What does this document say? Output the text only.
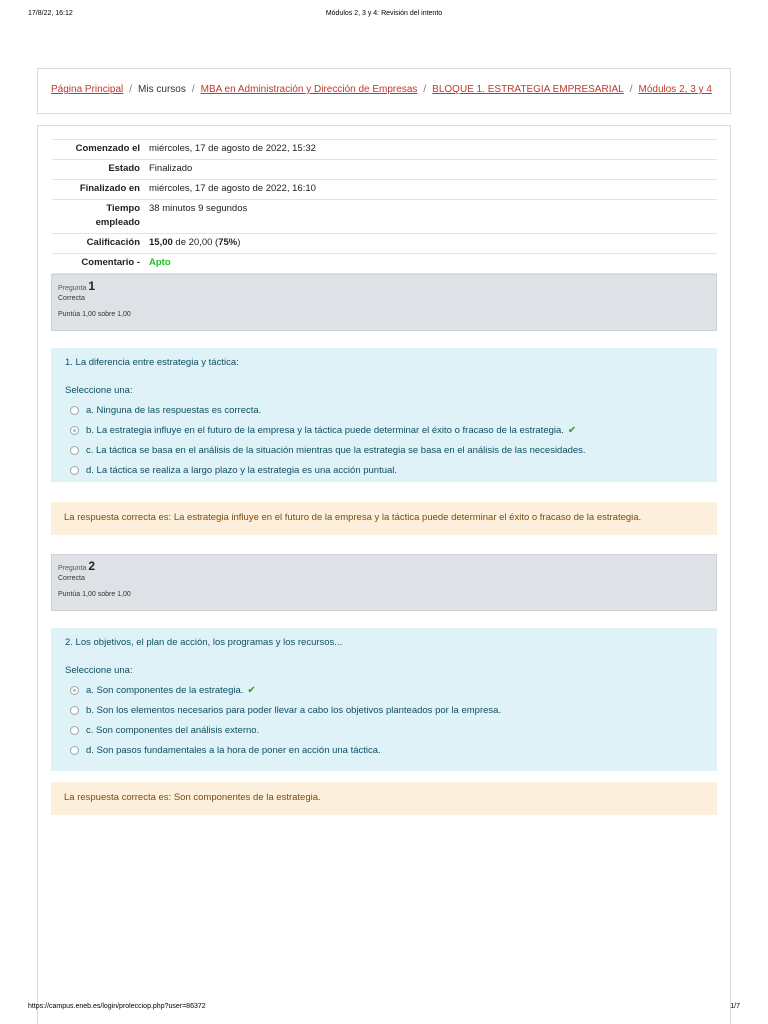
17/8/22, 16:12	Módulos 2, 3 y 4: Revisión del intento
Página Principal / Mis cursos / MBA en Administración y Dirección de Empresas / BLOQUE 1. ESTRATEGIA EMPRESARIAL / Módulos 2, 3 y 4
Comenzado el	miércoles, 17 de agosto de 2022, 15:32
Estado	Finalizado
Finalizado en	miércoles, 17 de agosto de 2022, 16:10
Tiempo empleado	38 minutos 9 segundos
Calificación	15,00 de 20,00 (75%)
Comentario -	Apto
Pregunta 1
Correcta
Puntúa 1,00 sobre 1,00
1. La diferencia entre estrategia y táctica:
Seleccione una:
a. Ninguna de las respuestas es correcta.
b. La estrategia influye en el futuro de la empresa y la táctica puede determinar el éxito o fracaso de la estrategia. ✔
c. La táctica se basa en el análisis de la situación mientras que la estrategia se basa en el análisis de las necesidades.
d. La táctica se realiza a largo plazo y la estrategia es una acción puntual.
La respuesta correcta es: La estrategia influye en el futuro de la empresa y la táctica puede determinar el éxito o fracaso de la estrategia.
Pregunta 2
Correcta
Puntúa 1,00 sobre 1,00
2. Los objetivos, el plan de acción, los programas y los recursos...
Seleccione una:
a. Son componentes de la estrategia. ✔
b. Son los elementos necesarios para poder llevar a cabo los objetivos planteados por la empresa.
c. Son componentes del análisis externo.
d. Son pasos fundamentales a la hora de poner en acción una táctica.
La respuesta correcta es: Son componentes de la estrategia.
https://campus.eneb.es/login/prolecciop.php?user=86372	1/7
